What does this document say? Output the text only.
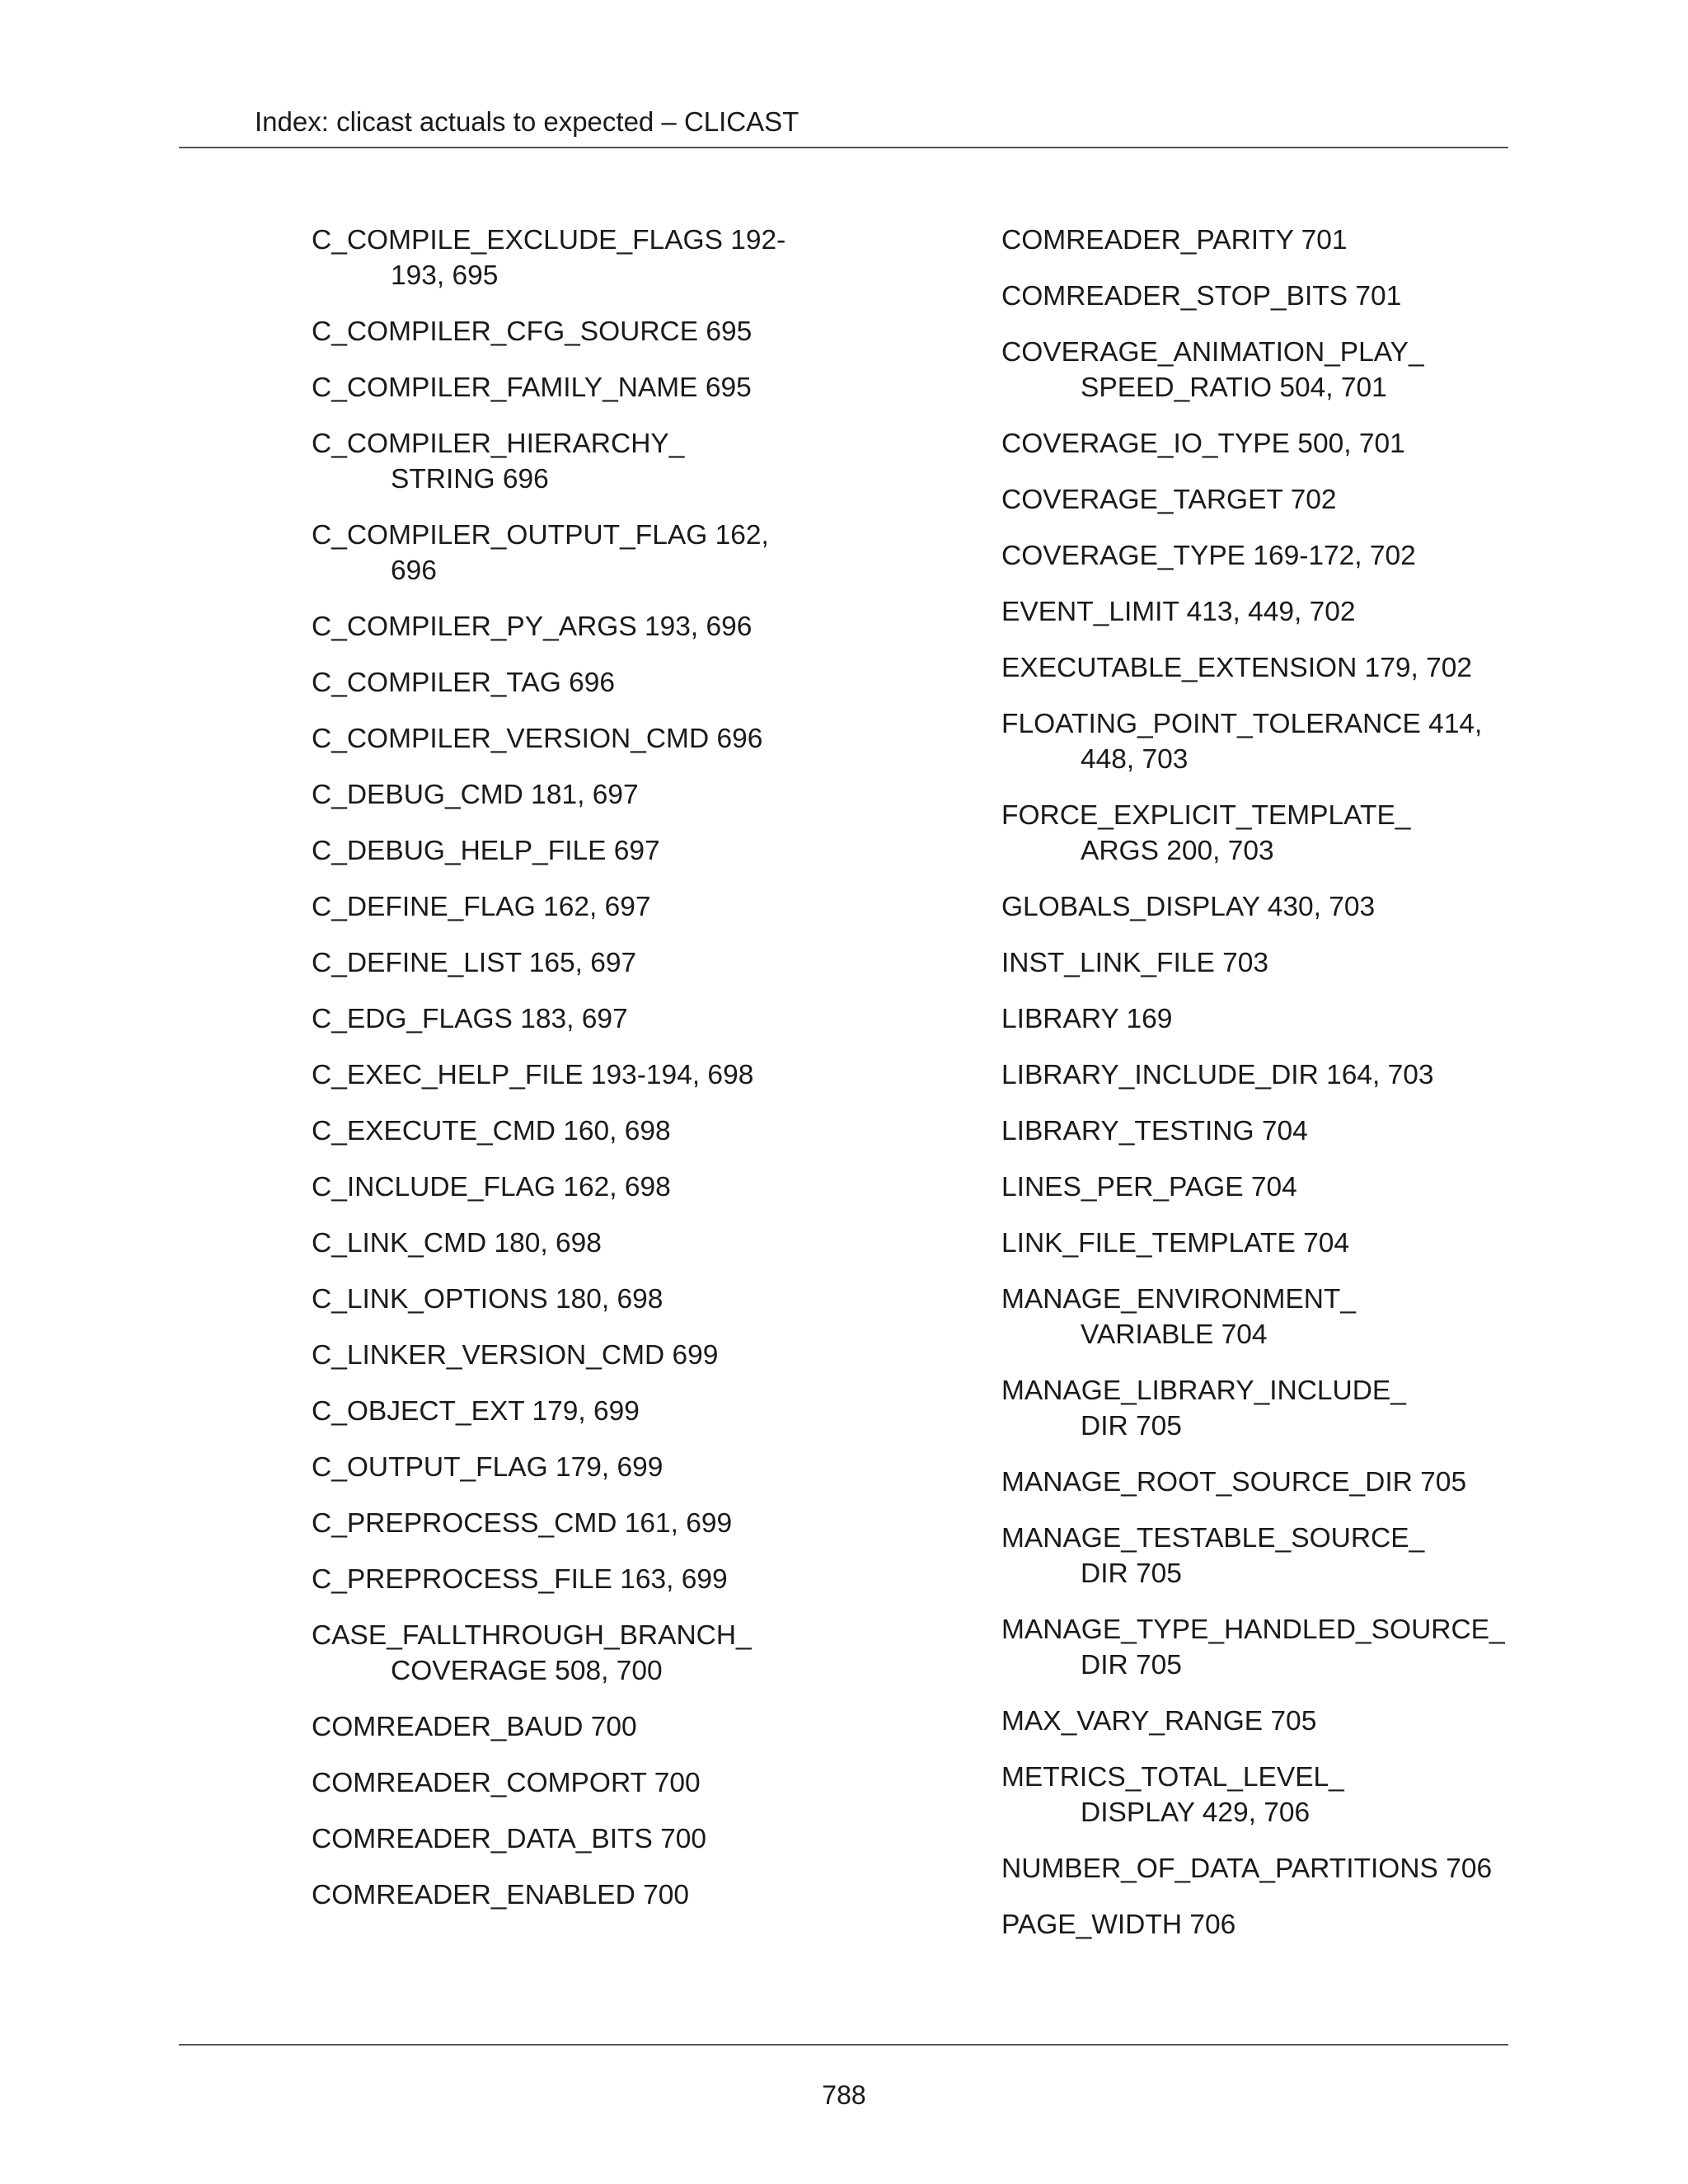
Index: clicast actuals to expected – CLICAST
C_COMPILE_EXCLUDE_FLAGS 192-
193, 695
C_COMPILER_CFG_SOURCE 695
C_COMPILER_FAMILY_NAME 695
C_COMPILER_HIERARCHY_
STRING 696
C_COMPILER_OUTPUT_FLAG 162,
696
C_COMPILER_PY_ARGS 193, 696
C_COMPILER_TAG 696
C_COMPILER_VERSION_CMD 696
C_DEBUG_CMD 181, 697
C_DEBUG_HELP_FILE 697
C_DEFINE_FLAG 162, 697
C_DEFINE_LIST 165, 697
C_EDG_FLAGS 183, 697
C_EXEC_HELP_FILE 193-194, 698
C_EXECUTE_CMD 160, 698
C_INCLUDE_FLAG 162, 698
C_LINK_CMD 180, 698
C_LINK_OPTIONS 180, 698
C_LINKER_VERSION_CMD 699
C_OBJECT_EXT 179, 699
C_OUTPUT_FLAG 179, 699
C_PREPROCESS_CMD 161, 699
C_PREPROCESS_FILE 163, 699
CASE_FALLTHROUGH_BRANCH_
COVERAGE 508, 700
COMREADER_BAUD 700
COMREADER_COMPORT 700
COMREADER_DATA_BITS 700
COMREADER_ENABLED 700
COMREADER_PARITY 701
COMREADER_STOP_BITS 701
COVERAGE_ANIMATION_PLAY_
SPEED_RATIO 504, 701
COVERAGE_IO_TYPE 500, 701
COVERAGE_TARGET 702
COVERAGE_TYPE 169-172, 702
EVENT_LIMIT 413, 449, 702
EXECUTABLE_EXTENSION 179, 702
FLOATING_POINT_TOLERANCE 414,
448, 703
FORCE_EXPLICIT_TEMPLATE_
ARGS 200, 703
GLOBALS_DISPLAY 430, 703
INST_LINK_FILE 703
LIBRARY 169
LIBRARY_INCLUDE_DIR 164, 703
LIBRARY_TESTING 704
LINES_PER_PAGE 704
LINK_FILE_TEMPLATE 704
MANAGE_ENVIRONMENT_
VARIABLE 704
MANAGE_LIBRARY_INCLUDE_
DIR 705
MANAGE_ROOT_SOURCE_DIR 705
MANAGE_TESTABLE_SOURCE_
DIR 705
MANAGE_TYPE_HANDLED_SOURCE_
DIR 705
MAX_VARY_RANGE 705
METRICS_TOTAL_LEVEL_
DISPLAY 429, 706
NUMBER_OF_DATA_PARTITIONS 706
PAGE_WIDTH 706
788
